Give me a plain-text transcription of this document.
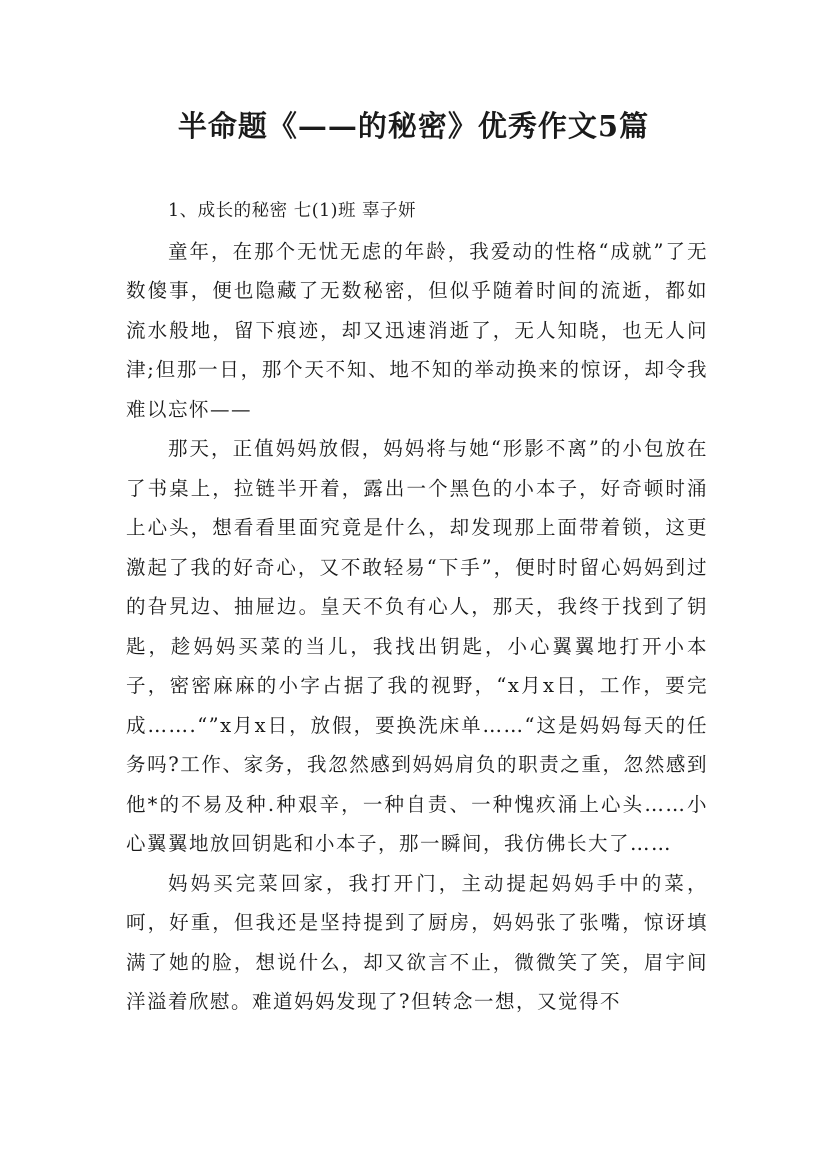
半命题《——的秘密》优秀作文5篇

1、成长的秘密 七(1)班 辜子妍

童年，在那个无忧无虑的年龄，我爱动的性格“成就”了无数傻事，便也隐藏了无数秘密，但似乎随着时间的流逝，都如流水般地，留下痕迹，却又迅速消逝了，无人知晓，也无人问津;但那一日，那个天不知、地不知的举动换来的惊讶，却令我难以忘怀——

那天，正值妈妈放假，妈妈将与她“形影不离”的小包放在了书桌上，拉链半开着，露出一个黑色的小本子，好奇顿时涌上心头，想看看里面究竟是什么，却发现那上面带着锁，这更激起了我的好奇心，又不敢轻易“下手”，便时时留心妈妈到过的旮旯边、抽屉边。皇天不负有心人，那天，我终于找到了钥匙，趁妈妈买菜的当儿，我找出钥匙，小心翼翼地打开小本子，密密麻麻的小字占据了我的视野，“x月x日，工作，要完成…….“”x月x日，放假，要换洗床单……“这是妈妈每天的任务吗?工作、家务，我忽然感到妈妈肩负的职责之重，忽然感到他*的不易及种.种艰辛，一种自责、一种愧疚涌上心头……小心翼翼地放回钥匙和小本子，那一瞬间，我仿佛长大了……

妈妈买完菜回家，我打开门，主动提起妈妈手中的菜，呵，好重，但我还是坚持提到了厨房，妈妈张了张嘴，惊讶填满了她的脸，想说什么，却又欲言不止，微微笑了笑，眉宇间洋溢着欣慰。难道妈妈发现了?但转念一想，又觉得不
